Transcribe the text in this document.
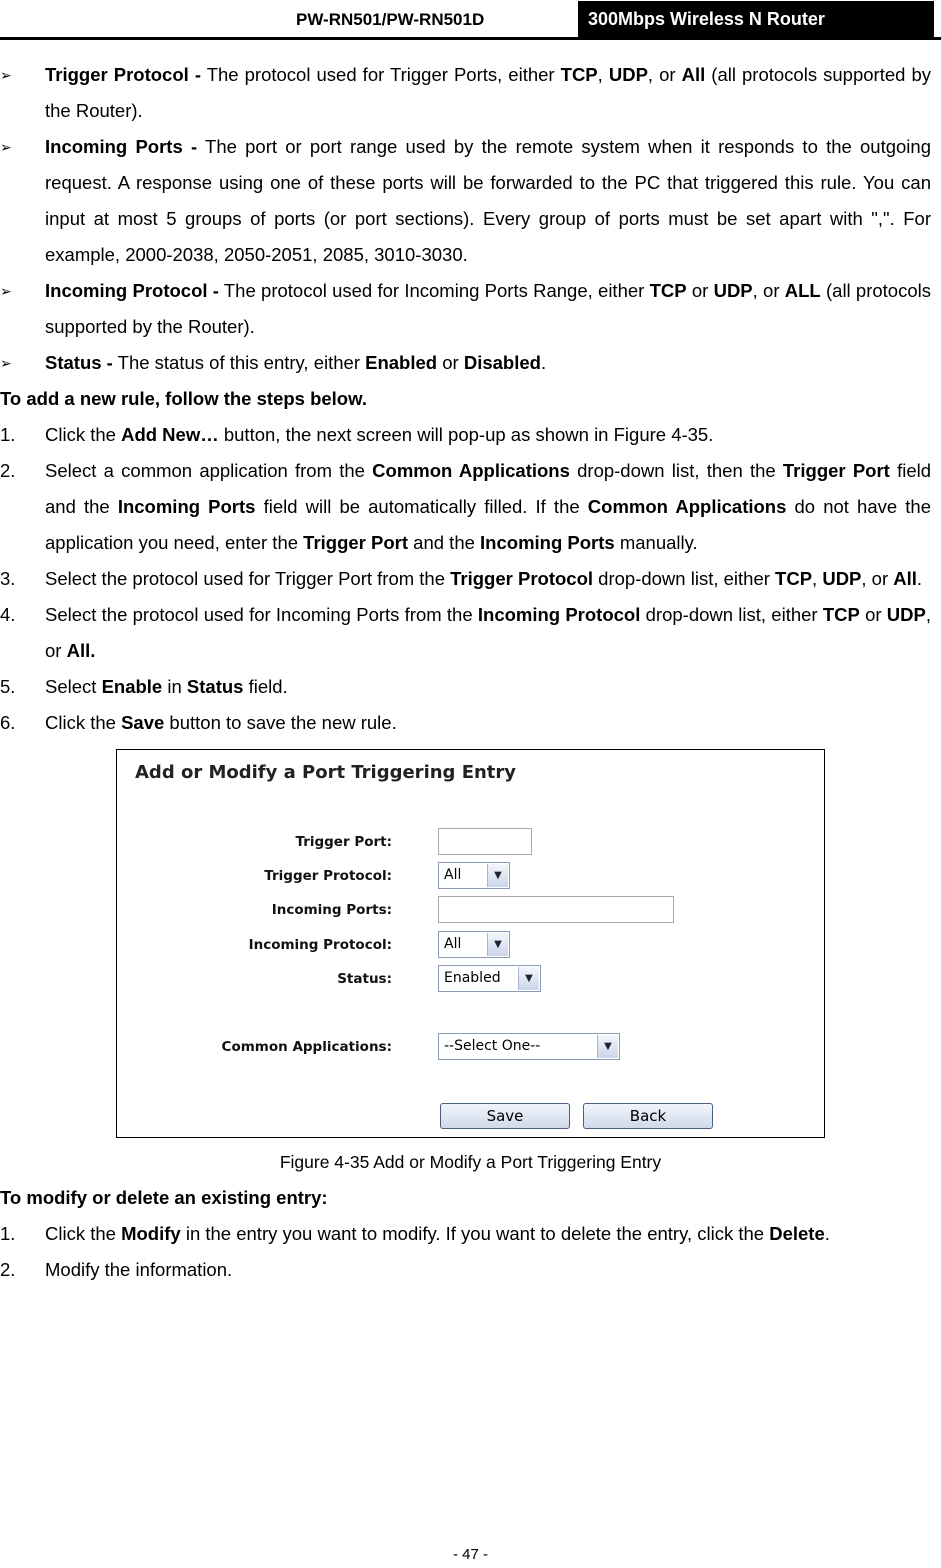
PW-RN501/PW-RN501D	300Mbps Wireless N Router
➢ Trigger Protocol - The protocol used for Trigger Ports, either TCP, UDP, or All (all protocols supported by the Router).
➢ Incoming Ports - The port or port range used by the remote system when it responds to the outgoing request. A response using one of these ports will be forwarded to the PC that triggered this rule. You can input at most 5 groups of ports (or port sections). Every group of ports must be set apart with ",". For example, 2000-2038, 2050-2051, 2085, 3010-3030.
➢ Incoming Protocol - The protocol used for Incoming Ports Range, either TCP or UDP, or ALL (all protocols supported by the Router).
➢ Status - The status of this entry, either Enabled or Disabled.
To add a new rule, follow the steps below.
1. Click the Add New… button, the next screen will pop-up as shown in Figure 4-35.
2. Select a common application from the Common Applications drop-down list, then the Trigger Port field and the Incoming Ports field will be automatically filled. If the Common Applications do not have the application you need, enter the Trigger Port and the Incoming Ports manually.
3. Select the protocol used for Trigger Port from the Trigger Protocol drop-down list, either TCP, UDP, or All.
4. Select the protocol used for Incoming Ports from the Incoming Protocol drop-down list, either TCP or UDP, or All.
5. Select Enable in Status field.
6. Click the Save button to save the new rule.
Add or Modify a Port Triggering Entry
Trigger Port:
Trigger Protocol:	All	▼
Incoming Ports:
Incoming Protocol:	All	▼
Status:	Enabled	▼
Common Applications:	--Select One--	▼
Save	Back
Figure 4-35 Add or Modify a Port Triggering Entry
To modify or delete an existing entry:
1. Click the Modify in the entry you want to modify. If you want to delete the entry, click the Delete.
2. Modify the information.
- 47 -
